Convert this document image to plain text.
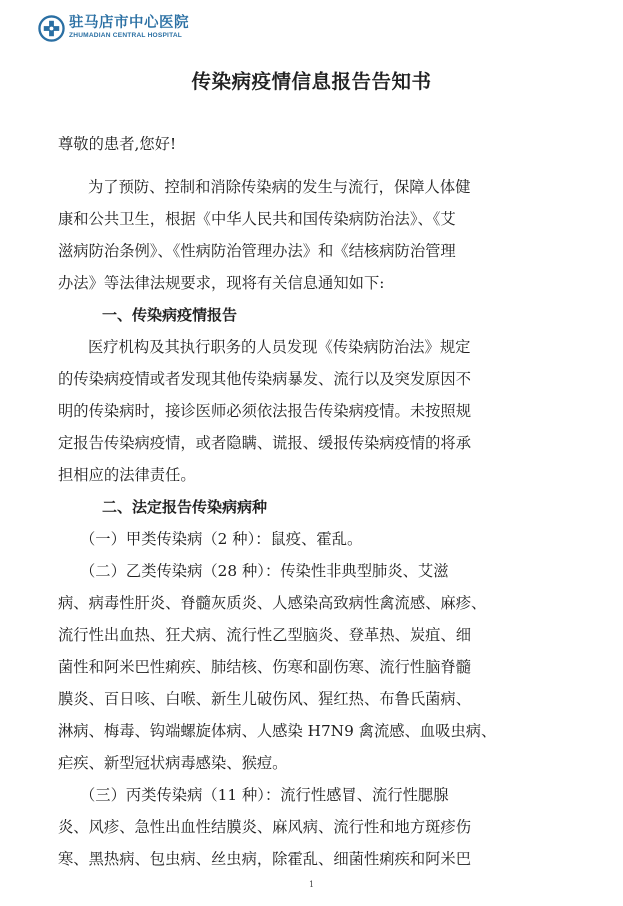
驻马店市中心医院
ZHUMADIAN CENTRAL HOSPITAL
传染病疫情信息报告告知书
尊敬的患者,您好!
为了预防、控制和消除传染病的发生与流行，保障人体健
康和公共卫生，根据《中华人民共和国传染病防治法》、《艾
滋病防治条例》、《性病防治管理办法》和《结核病防治管理
办法》等法律法规要求，现将有关信息通知如下:
一、传染病疫情报告
医疗机构及其执行职务的人员发现《传染病防治法》规定
的传染病疫情或者发现其他传染病暴发、流行以及突发原因不
明的传染病时，接诊医师必须依法报告传染病疫情。未按照规
定报告传染病疫情，或者隐瞒、谎报、缓报传染病疫情的将承
担相应的法律责任。
二、法定报告传染病病种
（一）甲类传染病（2 种）：鼠疫、霍乱。
（二）乙类传染病（28 种）：传染性非典型肺炎、艾滋
病、病毒性肝炎、脊髓灰质炎、人感染高致病性禽流感、麻疹、
流行性出血热、狂犬病、流行性乙型脑炎、登革热、炭疽、细
菌性和阿米巴性痢疾、肺结核、伤寒和副伤寒、流行性脑脊髓
膜炎、百日咳、白喉、新生儿破伤风、猩红热、布鲁氏菌病、
淋病、梅毒、钩端螺旋体病、人感染 H7N9 禽流感、血吸虫病、
疟疾、新型冠状病毒感染、猴痘。
（三）丙类传染病（11 种）：流行性感冒、流行性腮腺
炎、风疹、急性出血性结膜炎、麻风病、流行性和地方斑疹伤
寒、黑热病、包虫病、丝虫病，除霍乱、细菌性痢疾和阿米巴
1
